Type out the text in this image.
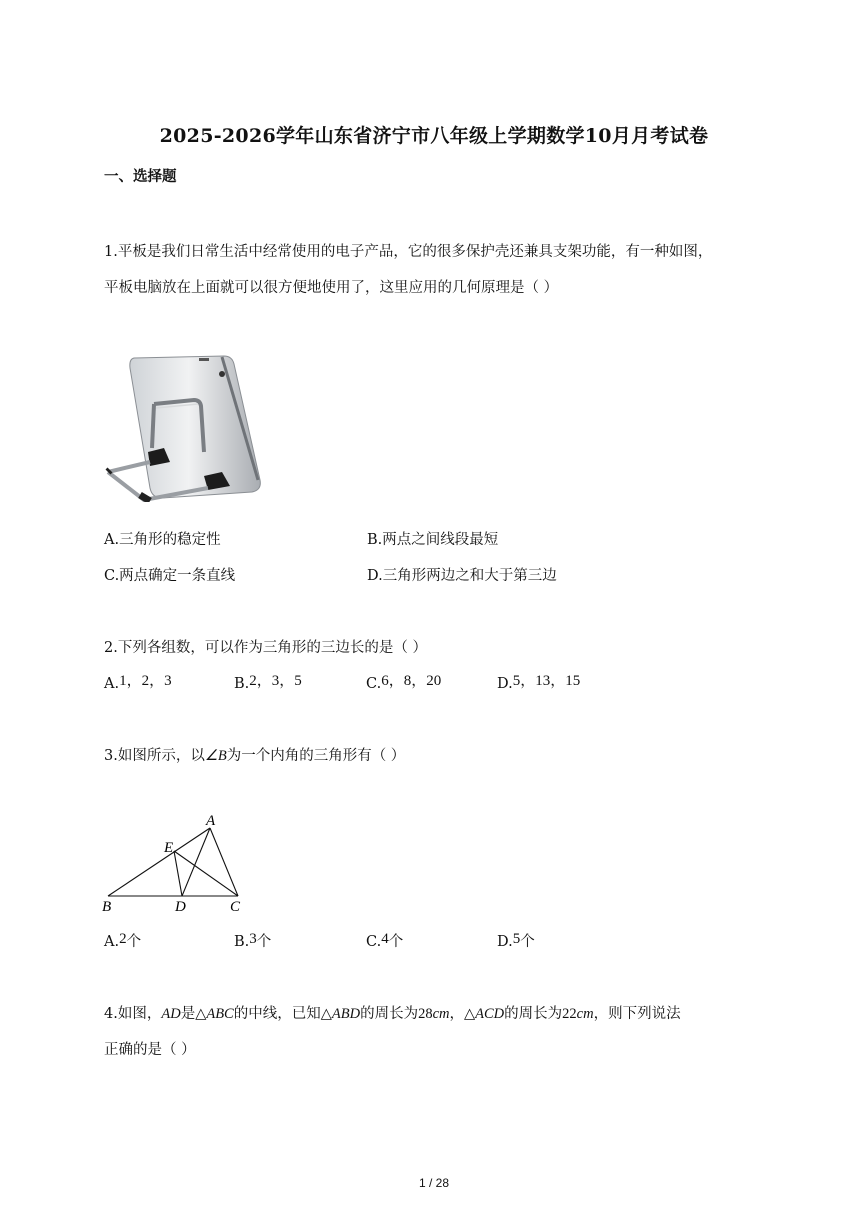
2025-2026学年山东省济宁市八年级上学期数学10月月考试卷
一、选择题
1.平板是我们日常生活中经常使用的电子产品，它的很多保护壳还兼具支架功能，有一种如图，
平板电脑放在上面就可以很方便地使用了，这里应用的几何原理是（ ）
A.三角形的稳定性	B.两点之间线段最短
C.两点确定一条直线	D.三角形两边之和大于第三边
2.下列各组数，可以作为三角形的三边长的是（ ）
A.1，2，3	B.2，3，5	C.6，8，20	D.5，13，15
3.如图所示，以∠B为一个内角的三角形有（ ）
A
B	C
D
E
A.2个	B.3个	C.4个	D.5个
4.如图，AD是△ABC的中线，已知△ABD的周长为28cm，△ACD的周长为22cm，则下列说法
正确的是（ ）
1 / 28
